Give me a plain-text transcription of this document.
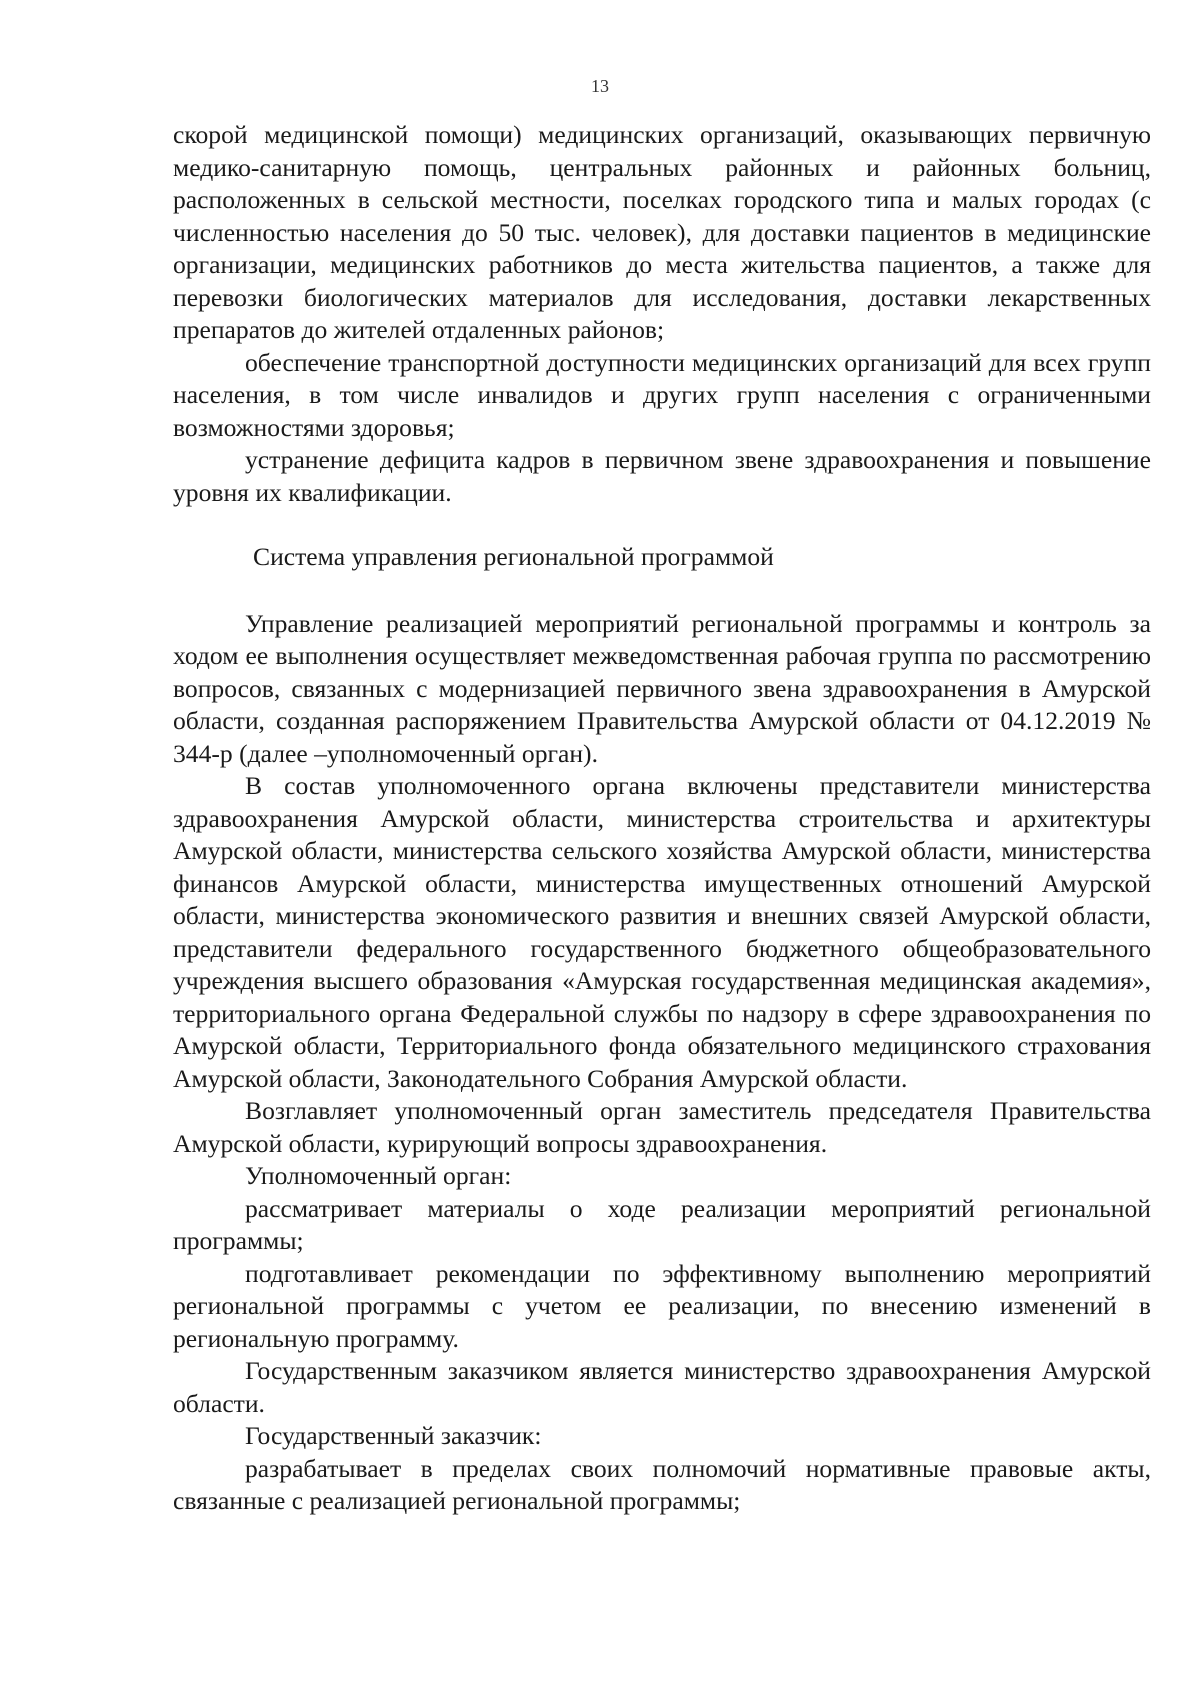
13

скорой медицинской помощи) медицинских организаций, оказывающих первичную медико-санитарную помощь, центральных районных и районных больниц, расположенных в сельской местности, поселках городского типа и малых городах (с численностью населения до 50 тыс. человек), для доставки пациентов в медицинские организации, медицинских работников до места жительства пациентов, а также для перевозки биологических материалов для исследования, доставки лекарственных препаратов до жителей отдаленных районов;

обеспечение транспортной доступности медицинских организаций для всех групп населения, в том числе инвалидов и других групп населения с ограниченными возможностями здоровья;

устранение дефицита кадров в первичном звене здравоохранения и повышение уровня их квалификации.

Система управления региональной программой

Управление реализацией мероприятий региональной программы и контроль за ходом ее выполнения осуществляет межведомственная рабочая группа по рассмотрению вопросов, связанных с модернизацией первичного звена здравоохранения в Амурской области, созданная распоряжением Правительства Амурской области от 04.12.2019 № 344-р (далее –уполномоченный орган).

В состав уполномоченного органа включены представители министерства здравоохранения Амурской области, министерства строительства и архитектуры Амурской области, министерства сельского хозяйства Амурской области, министерства финансов Амурской области, министерства имущественных отношений Амурской области, министерства экономического развития и внешних связей Амурской области, представители федерального государственного бюджетного общеобразовательного учреждения высшего образования «Амурская государственная медицинская академия», территориального органа Федеральной службы по надзору в сфере здравоохранения по Амурской области, Территориального фонда обязательного медицинского страхования Амурской области, Законодательного Собрания Амурской области.

Возглавляет уполномоченный орган заместитель председателя Правительства Амурской области, курирующий вопросы здравоохранения.

Уполномоченный орган:

рассматривает материалы о ходе реализации мероприятий региональной программы;

подготавливает рекомендации по эффективному выполнению мероприятий региональной программы с учетом ее реализации, по внесению изменений в региональную программу.

Государственным заказчиком является министерство здравоохранения Амурской области.

Государственный заказчик:

разрабатывает в пределах своих полномочий нормативные правовые акты, связанные с реализацией региональной программы;
